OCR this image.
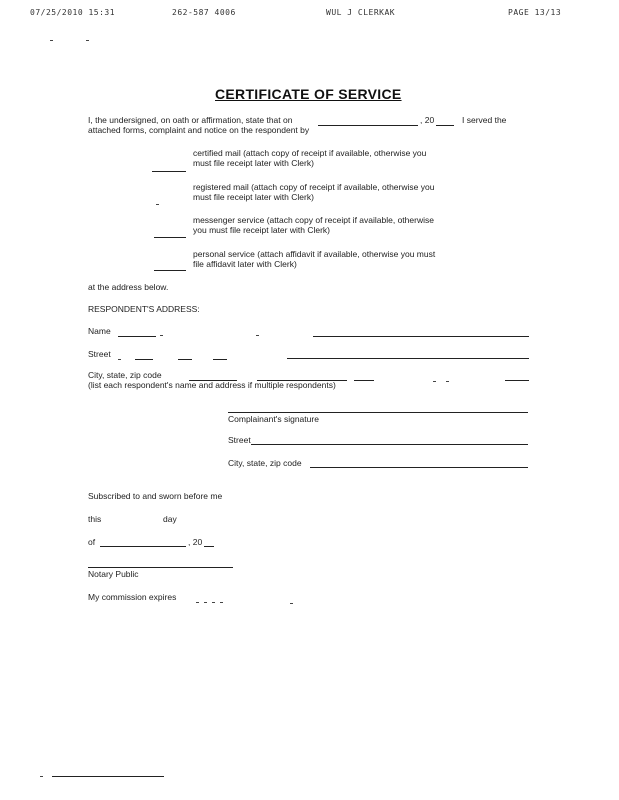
07/25/2010 15:31	262-587 4006	WUL J CLERKAK	PAGE 13/13
CERTIFICATE OF SERVICE
I, the undersigned, on oath or affirmation, state that on	, 20	I served the
attached forms, complaint and notice on the respondent by
certified mail (attach copy of receipt if available, otherwise you
must file receipt later with Clerk)
registered mail (attach copy of receipt if available, otherwise you
must file receipt later with Clerk)
messenger service (attach copy of receipt if available, otherwise
you must file receipt later with Clerk)
personal service (attach affidavit if available, otherwise you must
file affidavit later with Clerk)
at the address below.
RESPONDENT'S ADDRESS:
Name
Street
City, state, zip code
(list each respondent's name and address if multiple respondents)
Complainant's signature
Street
City, state, zip code
Subscribed to and sworn before me
this	day
of	, 20
Notary Public
My commission expires
